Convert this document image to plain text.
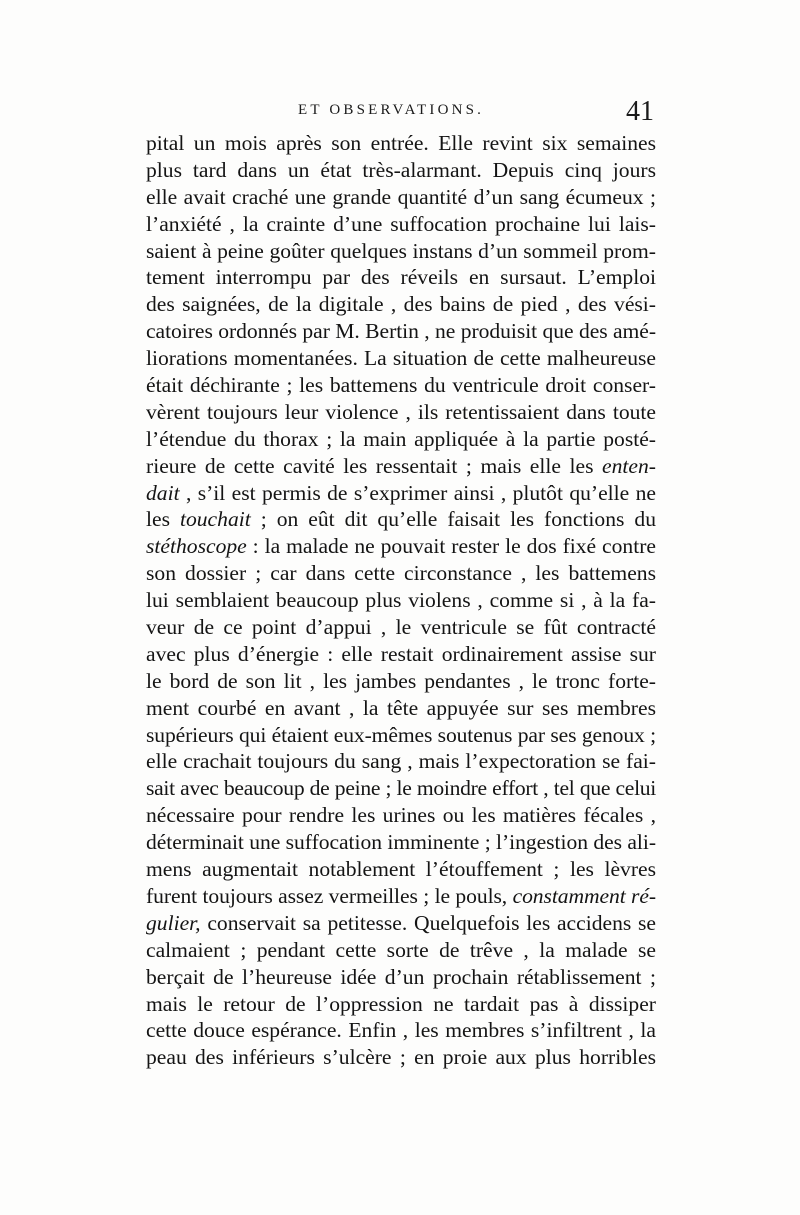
ET OBSERVATIONS.	41
pital un mois après son entrée. Elle revint six semaines
plus tard dans un état très-alarmant. Depuis cinq jours
elle avait craché une grande quantité d’un sang écumeux ;
l’anxiété , la crainte d’une suffocation prochaine lui lais-
saient à peine goûter quelques instans d’un sommeil prom-
tement interrompu par des réveils en sursaut. L’emploi
des saignées, de la digitale , des bains de pied , des vési-
catoires ordonnés par M. Bertin , ne produisit que des amé-
liorations momentanées. La situation de cette malheureuse
était déchirante ; les battemens du ventricule droit conser-
vèrent toujours leur violence , ils retentissaient dans toute
l’étendue du thorax ; la main appliquée à la partie posté-
rieure de cette cavité les ressentait ; mais elle les enten-
dait , s’il est permis de s’exprimer ainsi , plutôt qu’elle ne
les touchait ; on eût dit qu’elle faisait les fonctions du
stéthoscope : la malade ne pouvait rester le dos fixé contre
son dossier ; car dans cette circonstance , les battemens
lui semblaient beaucoup plus violens , comme si , à la fa-
veur de ce point d’appui , le ventricule se fût contracté
avec plus d’énergie : elle restait ordinairement assise sur
le bord de son lit , les jambes pendantes , le tronc forte-
ment courbé en avant , la tête appuyée sur ses membres
supérieurs qui étaient eux-mêmes soutenus par ses genoux ;
elle crachait toujours du sang , mais l’expectoration se fai-
sait avec beaucoup de peine ; le moindre effort , tel que celui
nécessaire pour rendre les urines ou les matières fécales ,
déterminait une suffocation imminente ; l’ingestion des ali-
mens augmentait notablement l’étouffement ; les lèvres
furent toujours assez vermeilles ; le pouls, constamment ré-
gulier, conservait sa petitesse. Quelquefois les accidens se
calmaient ; pendant cette sorte de trêve , la malade se
berçait de l’heureuse idée d’un prochain rétablissement ;
mais le retour de l’oppression ne tardait pas à dissiper
cette douce espérance. Enfin , les membres s’infiltrent , la
peau des inférieurs s’ulcère ; en proie aux plus horribles
